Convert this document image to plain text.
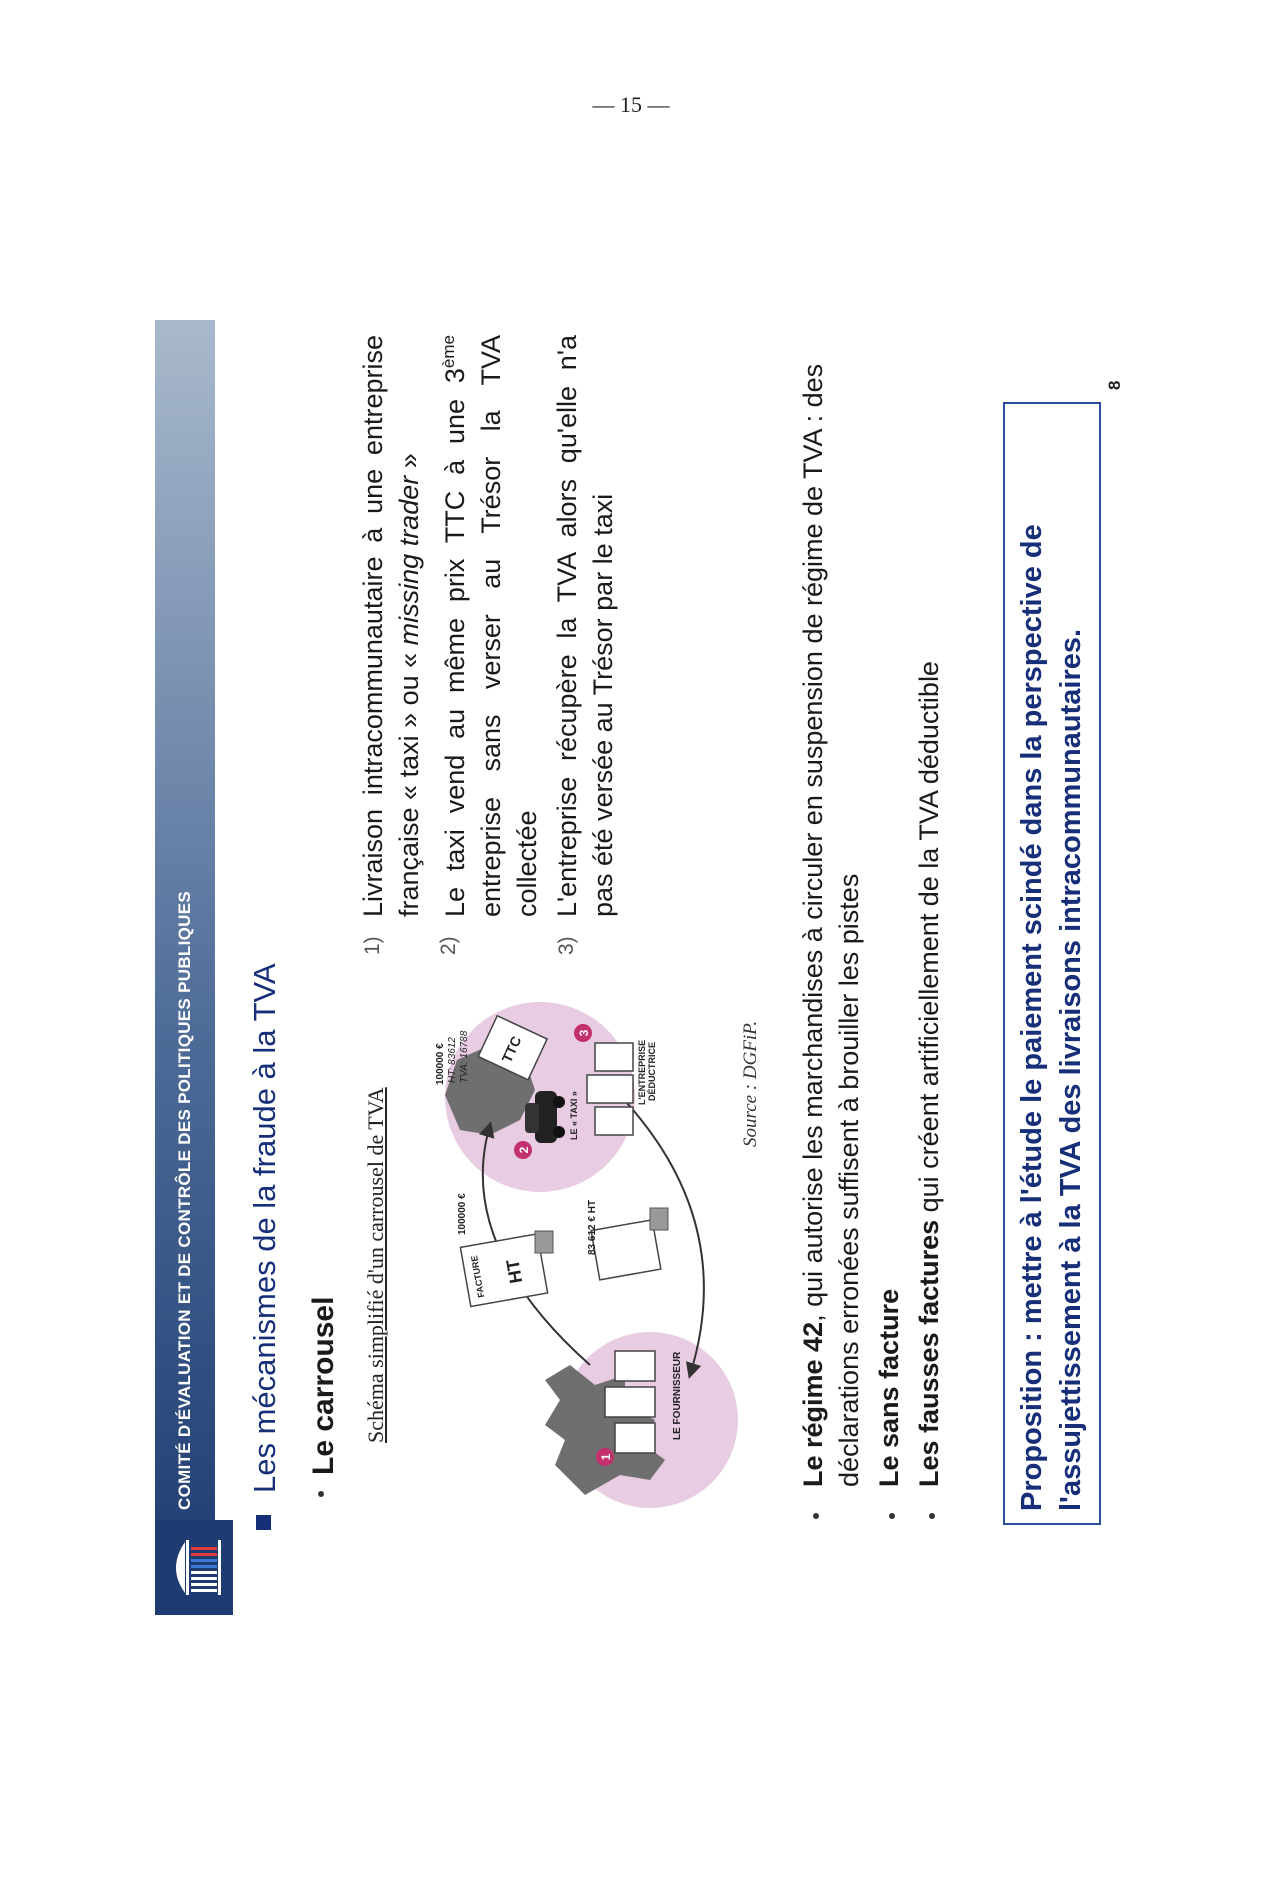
— 15 —
COMITÉ D'ÉVALUATION ET DE CONTRÔLE DES POLITIQUES PUBLIQUES	Les mécanismes de la fraude à la TVA Le carrousel Schéma simplifié d'un carrousel de TVA
1
LE FOURNISSEUR
FACTURE HT
100000 €
2
LE « TAXI »
TTC
100000 € HT: 83612 TVA: 16788
83 612 € HT
3
L'ENTREPRISE DÉDUCTRICE	Source : DGFiP.
1)
Livraison intracommunautaire à une entreprise française « taxi » ou « missing trader »
2)
Le taxi vend au même prix TTC à une 3ème entreprise sans verser au Trésor la TVA collectée
3)
L'entreprise récupère la TVA alors qu'elle n'a pas été versée au Trésor par le taxi
Le régime 42, qui autorise les marchandises à circuler en suspension de régime de TVA : des déclarations erronées suffisent à brouiller les pistes Le sans facture Les fausses factures qui créent artificiellement de la TVA déductible	Proposition : mettre à l'étude le paiement scindé dans la perspective de l'assujettissement à la TVA des livraisons intracommunautaires.
8
